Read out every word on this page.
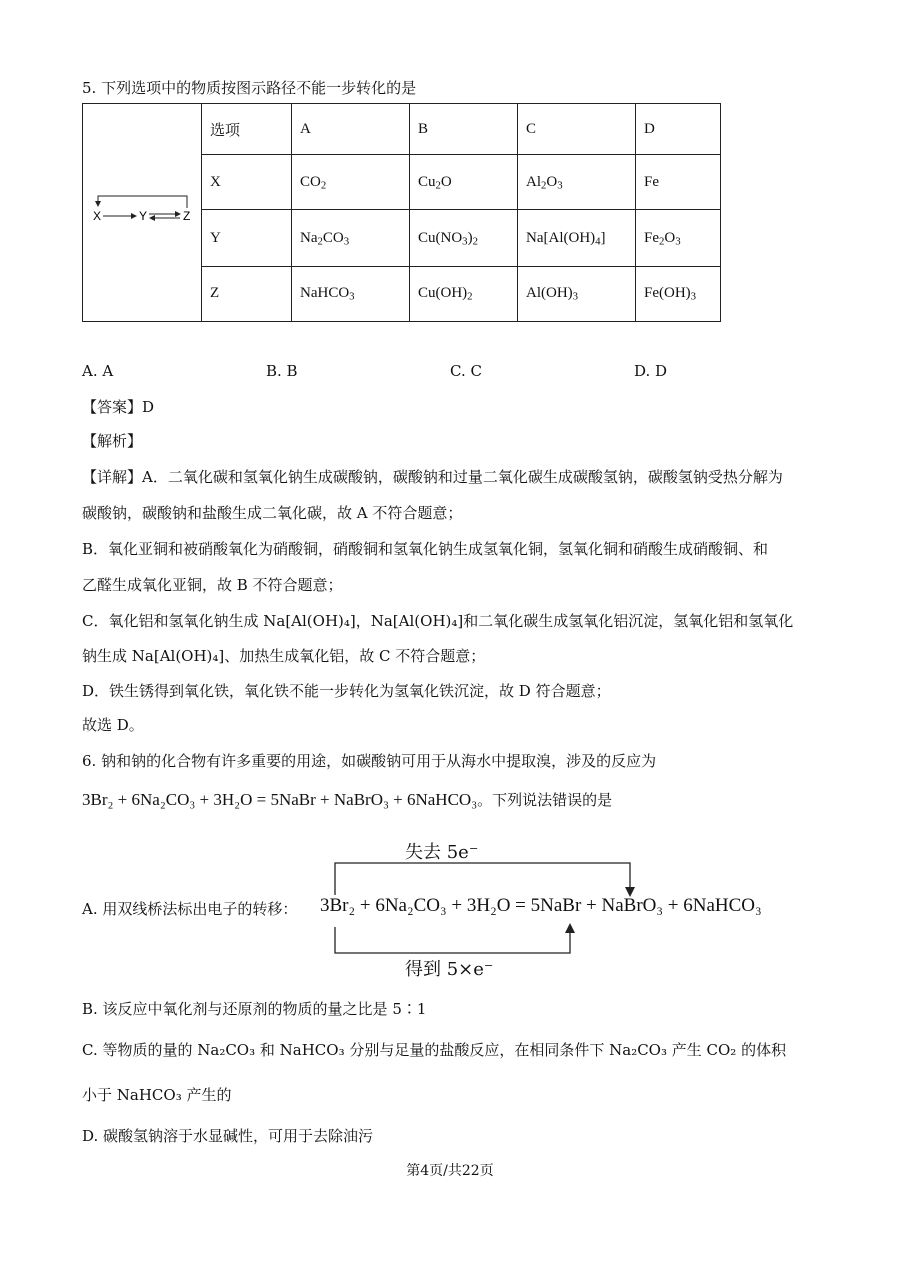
5. 下列选项中的物质按图示路径不能一步转化的是
X Y Z	选项	A	B	C	D
	X	$CO_2$	$Cu_2O$	$Al_2O_3$	Fe
	Y	$Na_2CO_3$	$Cu(NO_3)_2$	$Na[Al(OH)_4]$	$Fe_2O_3$
	Z	NaHCO$_3$	$Cu(OH)_2$	$Al(OH)_3$	$Fe(OH)_3$
A. A	B. B	C. C	D. D
【答案】D
【解析】
【详解】A．二氧化碳和氢氧化钠生成碳酸钠，碳酸钠和过量二氧化碳生成碳酸氢钠，碳酸氢钠受热分解为
碳酸钠，碳酸钠和盐酸生成二氧化碳，故 A 不符合题意；
B．氧化亚铜和被硝酸氧化为硝酸铜，硝酸铜和氢氧化钠生成氢氧化铜，氢氧化铜和硝酸生成硝酸铜、和
乙醛生成氧化亚铜，故 B 不符合题意；
C．氧化铝和氢氧化钠生成 Na[Al(OH)₄]，Na[Al(OH)₄]和二氧化碳生成氢氧化铝沉淀，氢氧化铝和氢氧化
钠生成 Na[Al(OH)₄]、加热生成氧化铝，故 C 不符合题意；
D．铁生锈得到氧化铁，氧化铁不能一步转化为氢氧化铁沉淀，故 D 符合题意；
故选 D。
6. 钠和钠的化合物有许多重要的用途，如碳酸钠可用于从海水中提取溴，涉及的反应为
3Br₂ + 6Na₂CO₃ + 3H₂O = 5NaBr + NaBrO₃ + 6NaHCO₃。下列说法错误的是
A. 用双线桥法标出电子的转移：
失去 5e⁻
3Br₂ + 6Na₂CO₃ + 3H₂O = 5NaBr + NaBrO₃ + 6NaHCO₃
得到 5×e⁻
B. 该反应中氧化剂与还原剂的物质的量之比是 5∶1
C. 等物质的量的 Na₂CO₃ 和 NaHCO₃ 分别与足量的盐酸反应，在相同条件下 Na₂CO₃ 产生 CO₂ 的体积
小于 NaHCO₃ 产生的
D. 碳酸氢钠溶于水显碱性，可用于去除油污
第4页/共22页
